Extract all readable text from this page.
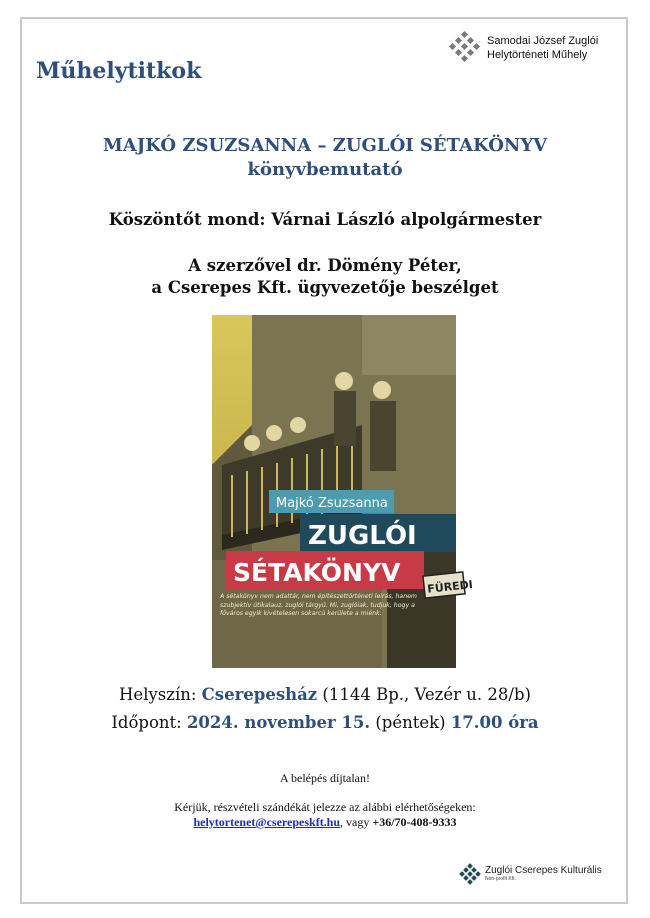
Műhelytitkok
Samodai József Zuglói
Helytörténeti Műhely
MAJKÓ ZSUZSANNA – ZUGLÓI SÉTAKÖNYV
könyvbemutató
Köszöntőt mond: Várnai László alpolgármester
A szerzővel dr. Dömény Péter,
a Cserepes Kft. ügyvezetője beszélget
Majkó Zsuzsanna
ZUGLÓI
SÉTAKÖNYV FÜREDI
A sétakönyv nem adattár, nem építészettörténeti leírás, hanem szubjektív útikalauz, zuglói tárgyú. Mi, zuglóiak, tudjuk, hogy a főváros egyik kivételesen sokarcú kerülete a miénk.
Helyszín: Cserepesház (1144 Bp., Vezér u. 28/b)
Időpont: 2024. november 15. (péntek) 17.00 óra
A belépés díjtalan!
Kérjük, részvételi szándékát jelezze az alábbi elérhetőségeken:
helytortenet@cserepeskft.hu, vagy +36/70-408-9333
Zuglói Cserepes Kulturális
Non-profit Kft.
